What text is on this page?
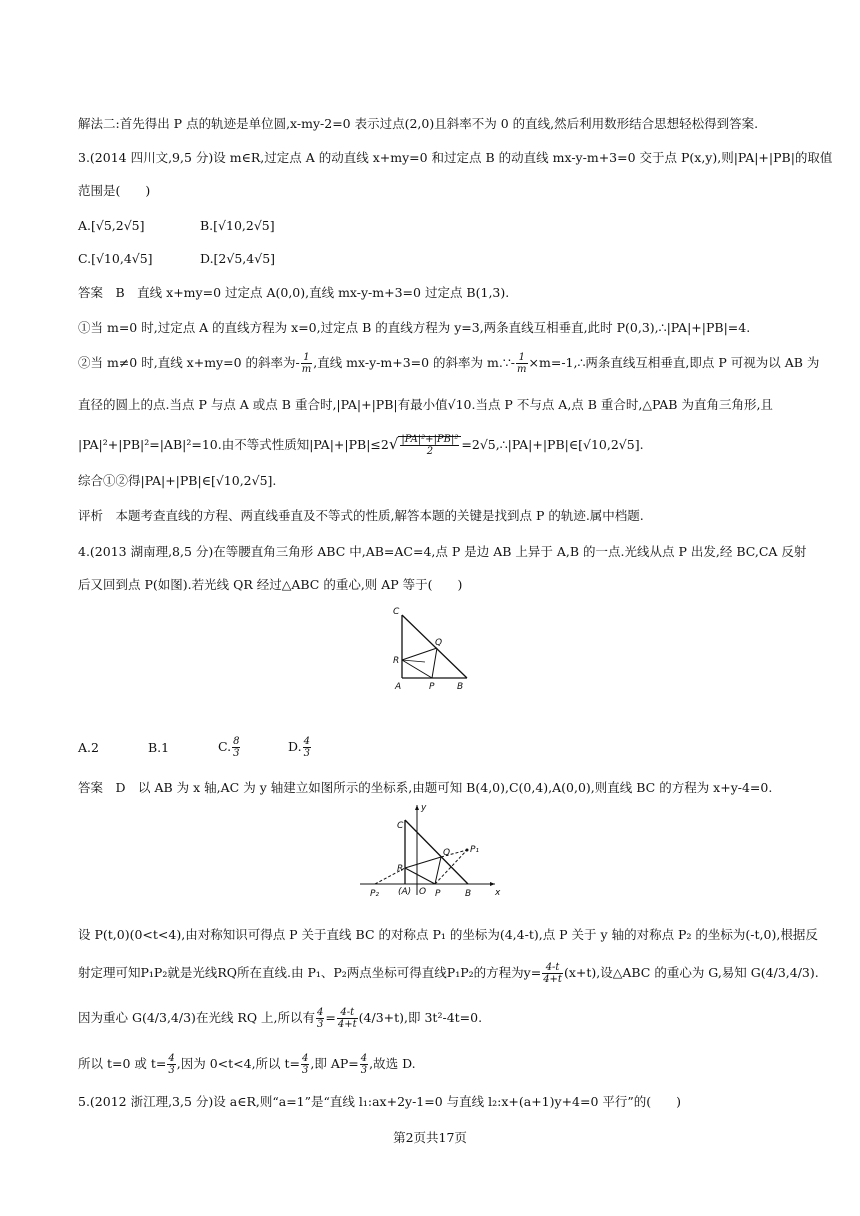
解法二:首先得出 P 点的轨迹是单位圆,x-my-2=0 表示过点(2,0)且斜率不为 0 的直线,然后利用数形结合思想轻松得到答案.
3.(2014 四川文,9,5 分)设 m∈R,过定点 A 的动直线 x+my=0 和过定点 B 的动直线 mx-y-m+3=0 交于点 P(x,y),则|PA|+|PB|的取值
范围是(　　)
A.[√5,2√5]	B.[√10,2√5]
C.[√10,4√5]	D.[2√5,4√5]
答案　B　直线 x+my=0 过定点 A(0,0),直线 mx-y-m+3=0 过定点 B(1,3).
①当 m=0 时,过定点 A 的直线方程为 x=0,过定点 B 的直线方程为 y=3,两条直线互相垂直,此时 P(0,3),∴|PA|+|PB|=4.
②当 m≠0 时,直线 x+my=0 的斜率为- $\frac{1}{m}$ ,直线 mx-y-m+3=0 的斜率为 m.∵- $\frac{1}{m}$ ×m=-1,∴两条直线互相垂直,即点 P 可视为以 AB 为
直径的圆上的点.当点 P 与点 A 或点 B 重合时,|PA|+|PB|有最小值√10.当点 P 不与点 A,点 B 重合时,△PAB 为直角三角形,且
|PA|²+|PB|²=|AB|²=10.由不等式性质知$|PA|+|PB|\le 2√ \frac{\text{|PA|²+|PB|²}}{2}$ =2√5,∴|PA|+|PB|∈[√10,2√5].
综合①②得|PA|+|PB|∈[√10,2√5].
评析　本题考查直线的方程、两直线垂直及不等式的性质,解答本题的关键是找到点 P 的轨迹.属中档题.
4.(2013 湖南理,8,5 分)在等腰直角三角形 ABC 中,AB=AC=4,点 P 是边 AB 上异于 A,B 的一点.光线从点 P 出发,经 BC,CA 反射
后又回到点 P(如图).若光线 QR 经过△ABC 的重心,则 AP 等于(　　)
C
Q
R
A	P	B
A.2	B.1	C. $\frac{8}{3}$	D. $\frac{4}{3}$
答案　D　以 AB 为 x 轴,AC 为 y 轴建立如图所示的坐标系,由题可知 B(4,0),C(0,4),A(0,0),则直线 BC 的方程为 x+y-4=0.
y
x
C
Q P₁
R
P₂ (A) O P	B
设 P(t,0)(0<t<4),由对称知识可得点 P 关于直线 BC 的对称点 P₁ 的坐标为(4,4-t),点 P 关于 y 轴的对称点 P₂ 的坐标为(-t,0),根据反
射定理可知P₁P₂就是光线RQ所在直线.由 P₁、P₂两点坐标可得直线P₁P₂的方程为$y= \frac{4-t}{4+t} (x+t)$,设△ABC 的重心为 G,易知 G(4/3,4/3).
因为重心 G(4/3,4/3)在光线 RQ 上,所以有 $\frac{4}{3} = \frac{4-t}{4+t} (4/3+t)$,即 3t²-4t=0.
所以 t=0 或 $t= \frac{4}{3}$ ,因为 0<t<4,所以 $t= \frac{4}{3}$ ,即 $AP= \frac{4}{3}$ ,故选 D.
5.(2012 浙江理,3,5 分)设 a∈R,则“a=1”是“直线 l₁:ax+2y-1=0 与直线 l₂:x+(a+1)y+4=0 平行”的(　　)
第2页共17页
